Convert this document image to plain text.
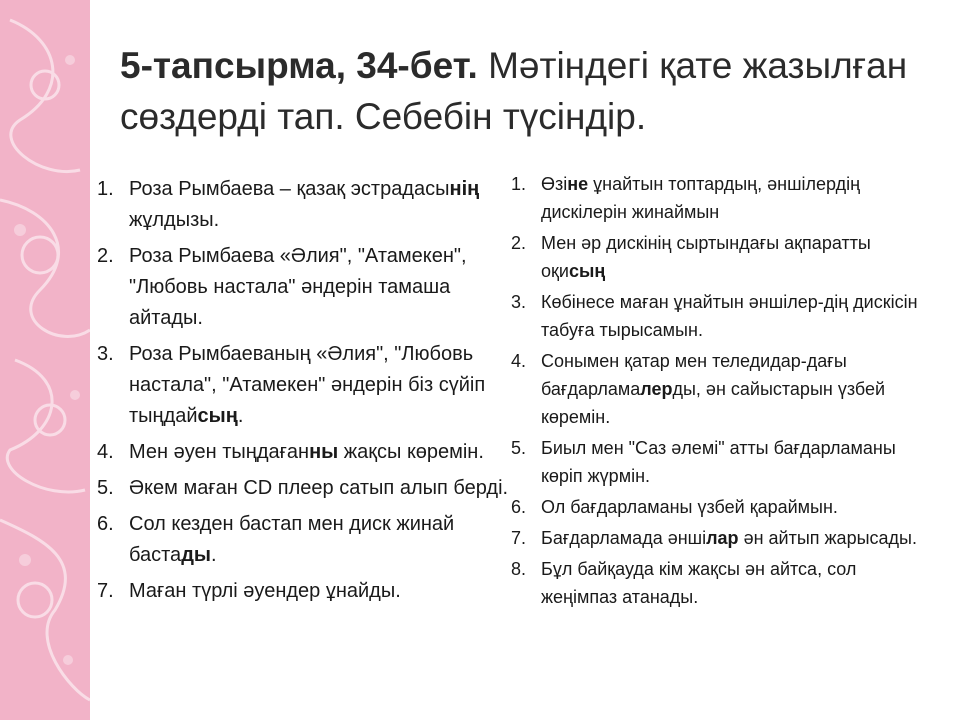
5-тапсырма, 34-бет. Мәтіндегі қате жазылған сөздерді тап. Себебін түсіндір.
1. Роза Рымбаева – қазақ эстрадасынің жұлдызы.
2. Роза Рымбаева «Әлия", "Атамекен", "Любовь настала" әндерін тамаша айтады.
3. Роза Рымбаеваның «Әлия", "Любовь настала", "Атамекен" әндерін біз сүйіп тыңдайсың.
4. Мен әуен тыңдағанны жақсы көремін.
5. Әкем маған CD плеер сатып алып берді.
6. Сол кезден бастап мен диск жинай бастады.
7. Маған түрлі әуендер ұнайды.
1. Өзіне ұнайтын топтардың, әншілердің дискілерін жинаймын
2. Мен әр дискінің сыртындағы ақпаратты оқисың
3. Көбінесе маған ұнайтын әншілер-дің дискісін табуға тырысамын.
4. Сонымен қатар мен теледидар-дағы бағдарламалерды, ән сайыстарын үзбей көремін.
5. Биыл мен "Саз әлемі" атты бағдарламаны көріп жүрмін.
6. Ол бағдарламаны үзбей қараймын.
7. Бағдарламада әншілар ән айтып жарысады.
8. Бұл байқауда кім жақсы ән айтса, сол жеңімпаз атанады.
